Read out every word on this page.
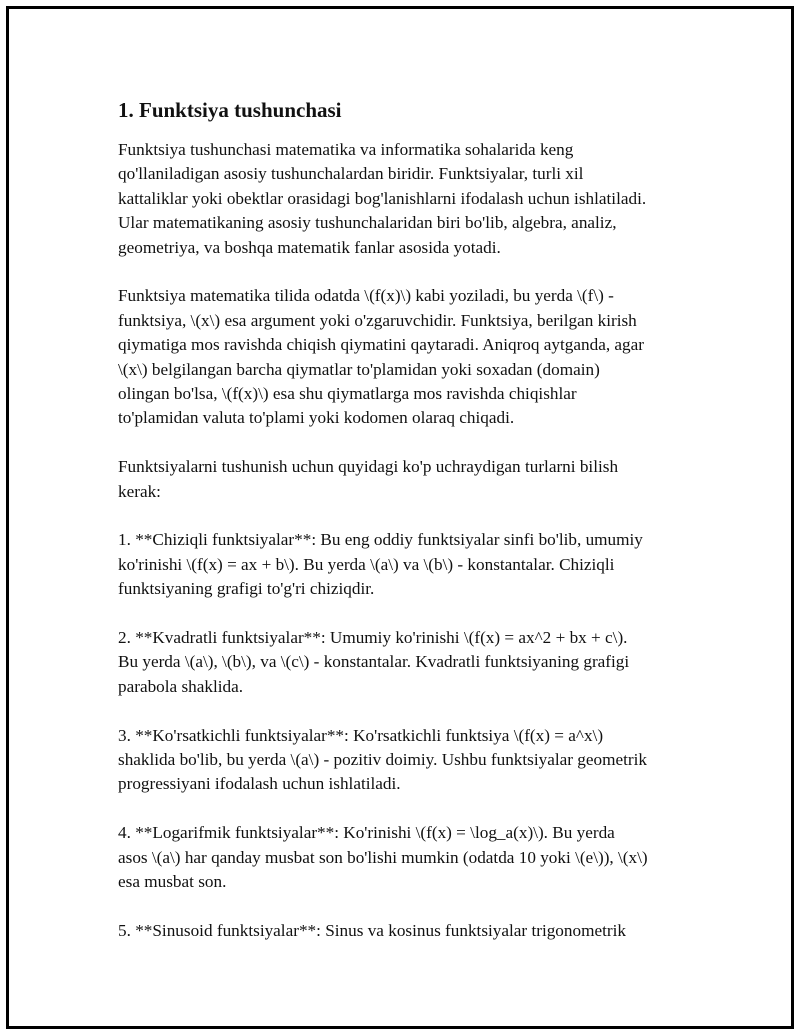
1. Funktsiya tushunchasi

Funktsiya tushunchasi matematika va informatika sohalarida keng
qo'llaniladigan asosiy tushunchalardan biridir. Funktsiyalar, turli xil
kattaliklar yoki obektlar orasidagi bog'lanishlarni ifodalash uchun ishlatiladi.
Ular matematikaning asosiy tushunchalaridan biri bo'lib, algebra, analiz,
geometriya, va boshqa matematik fanlar asosida yotadi.

Funktsiya matematika tilida odatda \(f(x)\) kabi yoziladi, bu yerda \(f\) -
funktsiya, \(x\) esa argument yoki o'zgaruvchidir. Funktsiya, berilgan kirish
qiymatiga mos ravishda chiqish qiymatini qaytaradi. Aniqroq aytganda, agar
\(x\) belgilangan barcha qiymatlar to'plamidan yoki soxadan (domain)
olingan bo'lsa, \(f(x)\) esa shu qiymatlarga mos ravishda chiqishlar
to'plamidan valuta to'plami yoki kodomen olaraq chiqadi.

Funktsiyalarni tushunish uchun quyidagi ko'p uchraydigan turlarni bilish
kerak:

1. **Chiziqli funktsiyalar**: Bu eng oddiy funktsiyalar sinfi bo'lib, umumiy
ko'rinishi \(f(x) = ax + b\). Bu yerda \(a\) va \(b\) - konstantalar. Chiziqli
funktsiyaning grafigi to'g'ri chiziqdir.

2. **Kvadratli funktsiyalar**: Umumiy ko'rinishi \(f(x) = ax^2 + bx + c\).
Bu yerda \(a\), \(b\), va \(c\) - konstantalar. Kvadratli funktsiyaning grafigi
parabola shaklida.

3. **Ko'rsatkichli funktsiyalar**: Ko'rsatkichli funktsiya \(f(x) = a^x\)
shaklida bo'lib, bu yerda \(a\) - pozitiv doimiy. Ushbu funktsiyalar geometrik
progressiyani ifodalash uchun ishlatiladi.

4. **Logarifmik funktsiyalar**: Ko'rinishi \(f(x) = \log_a(x)\). Bu yerda
asos \(a\) har qanday musbat son bo'lishi mumkin (odatda 10 yoki \(e\)), \(x\)
esa musbat son.

5. **Sinusoid funktsiyalar**: Sinus va kosinus funktsiyalar trigonometrik
